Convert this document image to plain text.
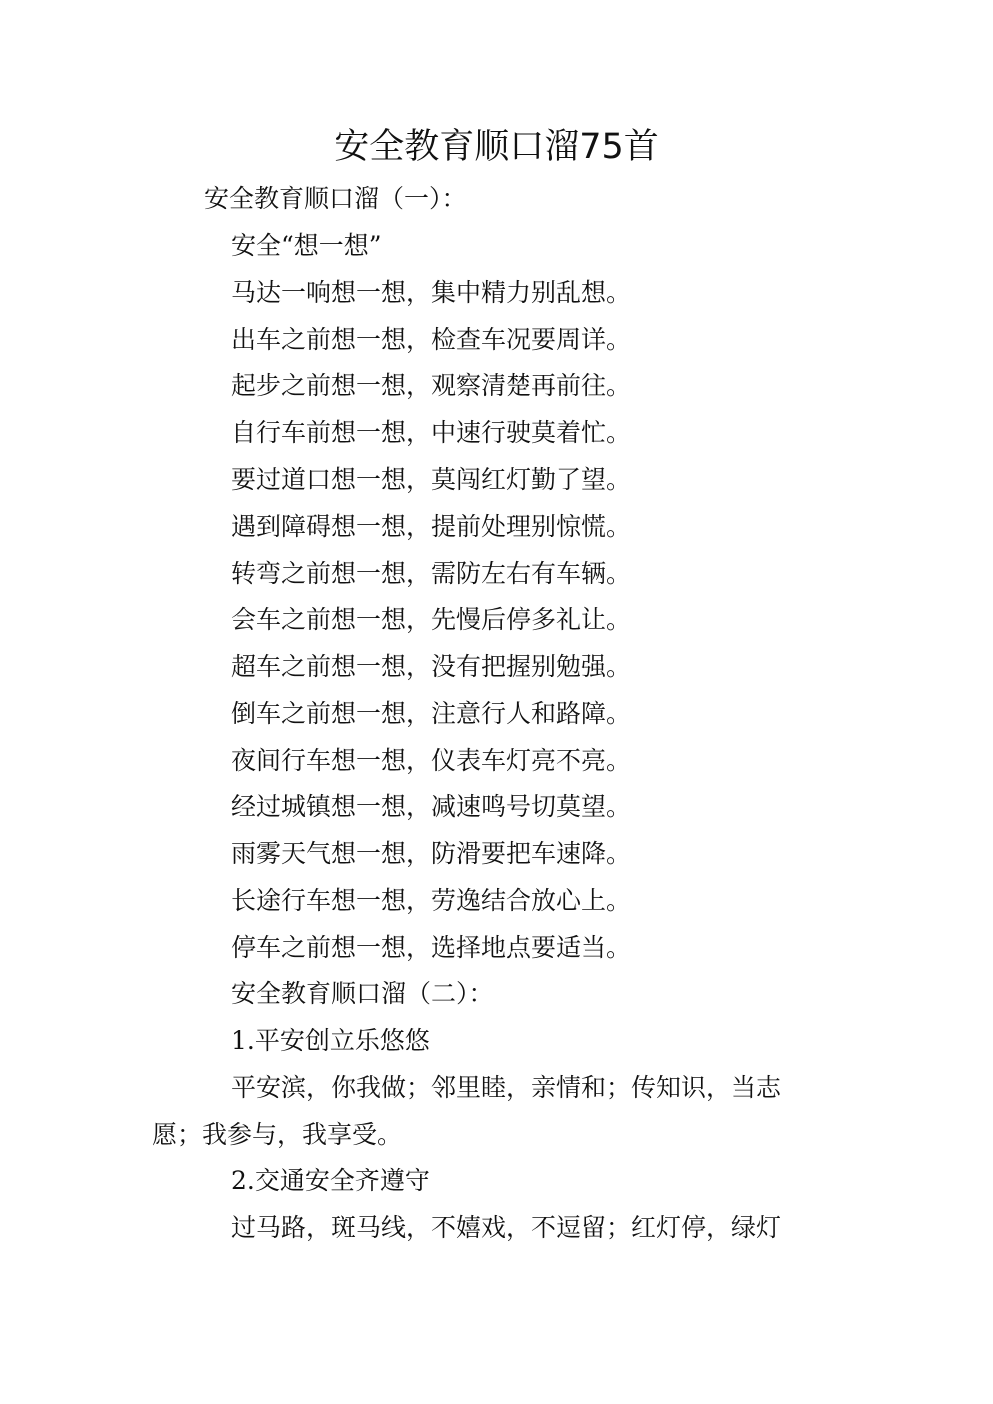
安全教育顺口溜75首
安全教育顺口溜（一）：
安全“想一想”
马达一响想一想，集中精力别乱想。
出车之前想一想，检查车况要周详。
起步之前想一想，观察清楚再前往。
自行车前想一想，中速行驶莫着忙。
要过道口想一想，莫闯红灯勤了望。
遇到障碍想一想，提前处理别惊慌。
转弯之前想一想，需防左右有车辆。
会车之前想一想，先慢后停多礼让。
超车之前想一想，没有把握别勉强。
倒车之前想一想，注意行人和路障。
夜间行车想一想，仪表车灯亮不亮。
经过城镇想一想，减速鸣号切莫望。
雨雾天气想一想，防滑要把车速降。
长途行车想一想，劳逸结合放心上。
停车之前想一想，选择地点要适当。
安全教育顺口溜（二）：
1.平安创立乐悠悠
平安滨，你我做；邻里睦，亲情和；传知识，当志
愿；我参与，我享受。
2.交通安全齐遵守
过马路，斑马线，不嬉戏，不逗留；红灯停，绿灯
